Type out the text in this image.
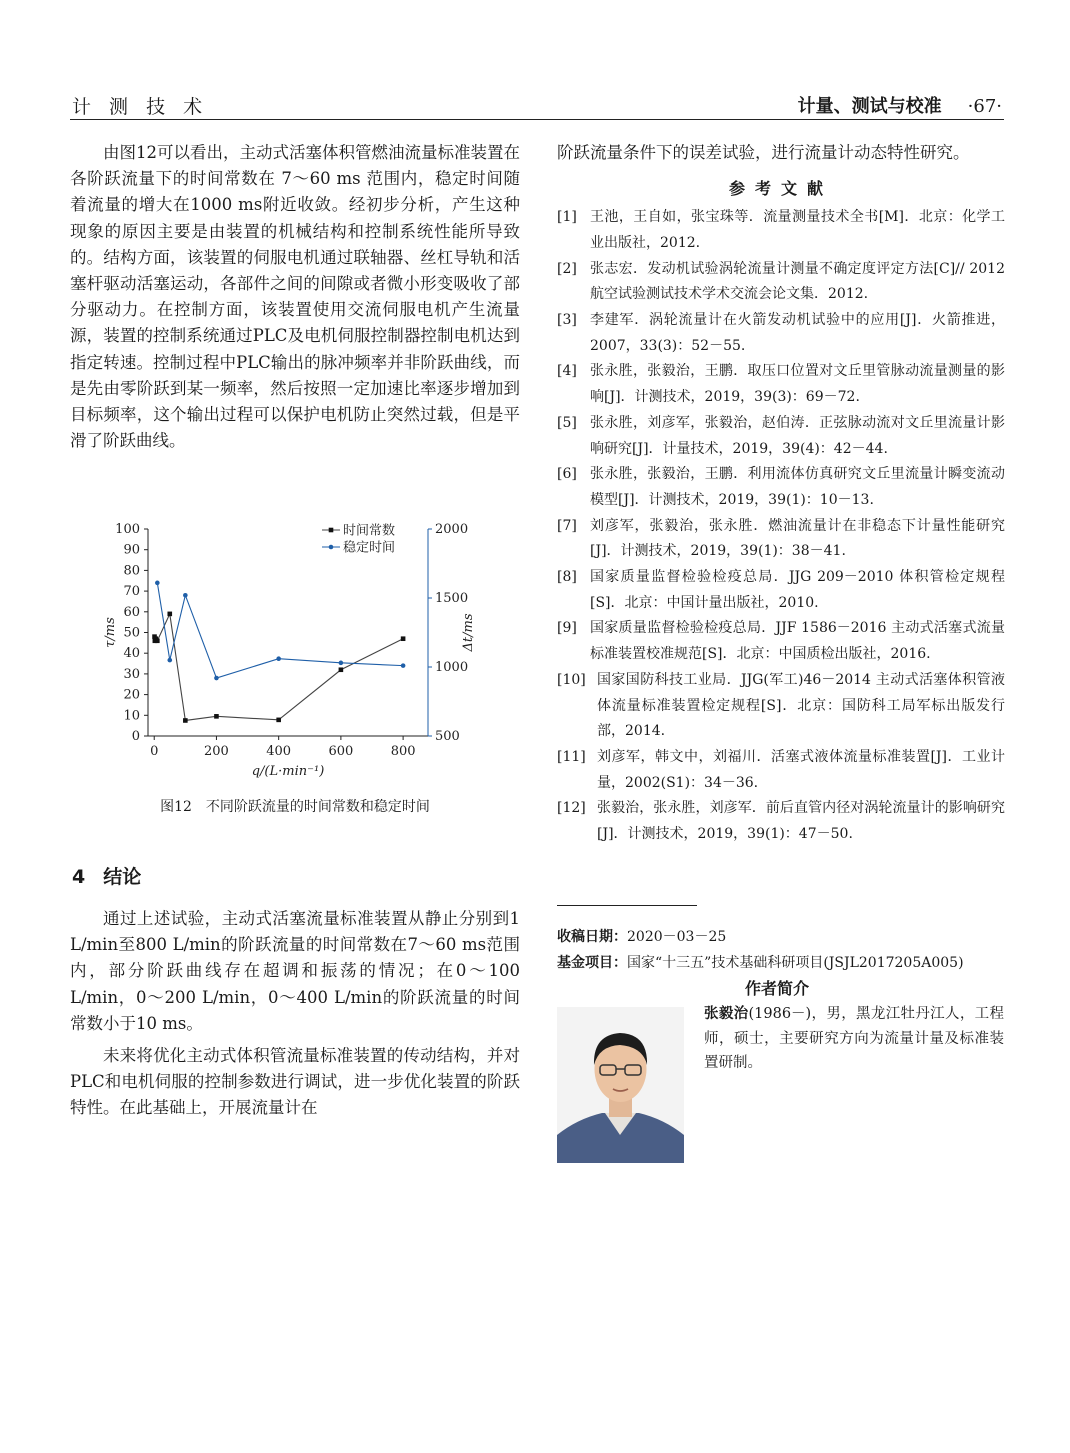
计 测 技 术	计量、测试与校准 ·67·

由图12可以看出，主动式活塞体积管燃油流量标准装置在各阶跃流量下的时间常数在 7～60 ms 范围内，稳定时间随着流量的增大在1000 ms附近收敛。经初步分析，产生这种现象的原因主要是由装置的机械结构和控制系统性能所导致的。结构方面，该装置的伺服电机通过联轴器、丝杠导轨和活塞杆驱动活塞运动，各部件之间的间隙或者微小形变吸收了部分驱动力。在控制方面，该装置使用交流伺服电机产生流量源，装置的控制系统通过PLC及电机伺服控制器控制电机达到指定转速。控制过程中PLC输出的脉冲频率并非阶跃曲线，而是先由零阶跃到某一频率，然后按照一定加速比率逐步增加到目标频率，这个输出过程可以保护电机防止突然过载，但是平滑了阶跃曲线。

0
10
20
30
40
50
60
70
80
90
100
500
1000
1500
2000
0	200	400	600	800
q/(L·min⁻¹)
τ/ms	Δt/ms
时间常数
稳定时间
图12　不同阶跃流量的时间常数和稳定时间
4 结论

通过上述试验，主动式活塞流量标准装置从静止分别到1 L/min至800 L/min的阶跃流量的时间常数在7～60 ms范围内，部分阶跃曲线存在超调和振荡的情况；在0～100 L/min，0～200 L/min，0～400 L/min的阶跃流量的时间常数小于10 ms。

未来将优化主动式体积管流量标准装置的传动结构，并对PLC和电机伺服的控制参数进行调试，进一步优化装置的阶跃特性。在此基础上，开展流量计在

阶跃流量条件下的误差试验，进行流量计动态特性研究。

参考文献
[1] 王池，王自如，张宝珠等．流量测量技术全书[M]．北京：化学工业出版社，2012.
[2] 张志宏．发动机试验涡轮流量计测量不确定度评定方法[C]// 2012航空试验测试技术学术交流会论文集．2012.
[3] 李建军．涡轮流量计在火箭发动机试验中的应用[J]．火箭推进，2007，33(3)：52－55.
[4] 张永胜，张毅治，王鹏．取压口位置对文丘里管脉动流量测量的影响[J]．计测技术，2019，39(3)：69－72.
[5] 张永胜，刘彦军，张毅治，赵伯涛．正弦脉动流对文丘里流量计影响研究[J]．计量技术，2019，39(4)：42－44.
[6] 张永胜，张毅治，王鹏．利用流体仿真研究文丘里流量计瞬变流动模型[J]．计测技术，2019，39(1)：10－13.
[7] 刘彦军，张毅治，张永胜．燃油流量计在非稳态下计量性能研究[J]．计测技术，2019，39(1)：38－41.
[8] 国家质量监督检验检疫总局．JJG 209－2010 体积管检定规程[S]．北京：中国计量出版社，2010.
[9] 国家质量监督检验检疫总局．JJF 1586－2016 主动式活塞式流量标准装置校准规范[S]．北京：中国质检出版社，2016.
[10] 国家国防科技工业局．JJG(军工)46－2014 主动式活塞体积管液体流量标准装置检定规程[S]．北京：国防科工局军标出版发行部，2014.
[11] 刘彦军，韩文中，刘福川．活塞式液体流量标准装置[J]．工业计量，2002(S1)：34－36.
[12] 张毅治，张永胜，刘彦军．前后直管内径对涡轮流量计的影响研究[J]．计测技术，2019，39(1)：47－50.
收稿日期：2020－03－25
基金项目：国家“十三五”技术基础科研项目(JSJL2017205A005)
作者简介
张毅治(1986－)，男，黑龙江牡丹江人，工程师，硕士，主要研究方向为流量计量及标准装置研制。
